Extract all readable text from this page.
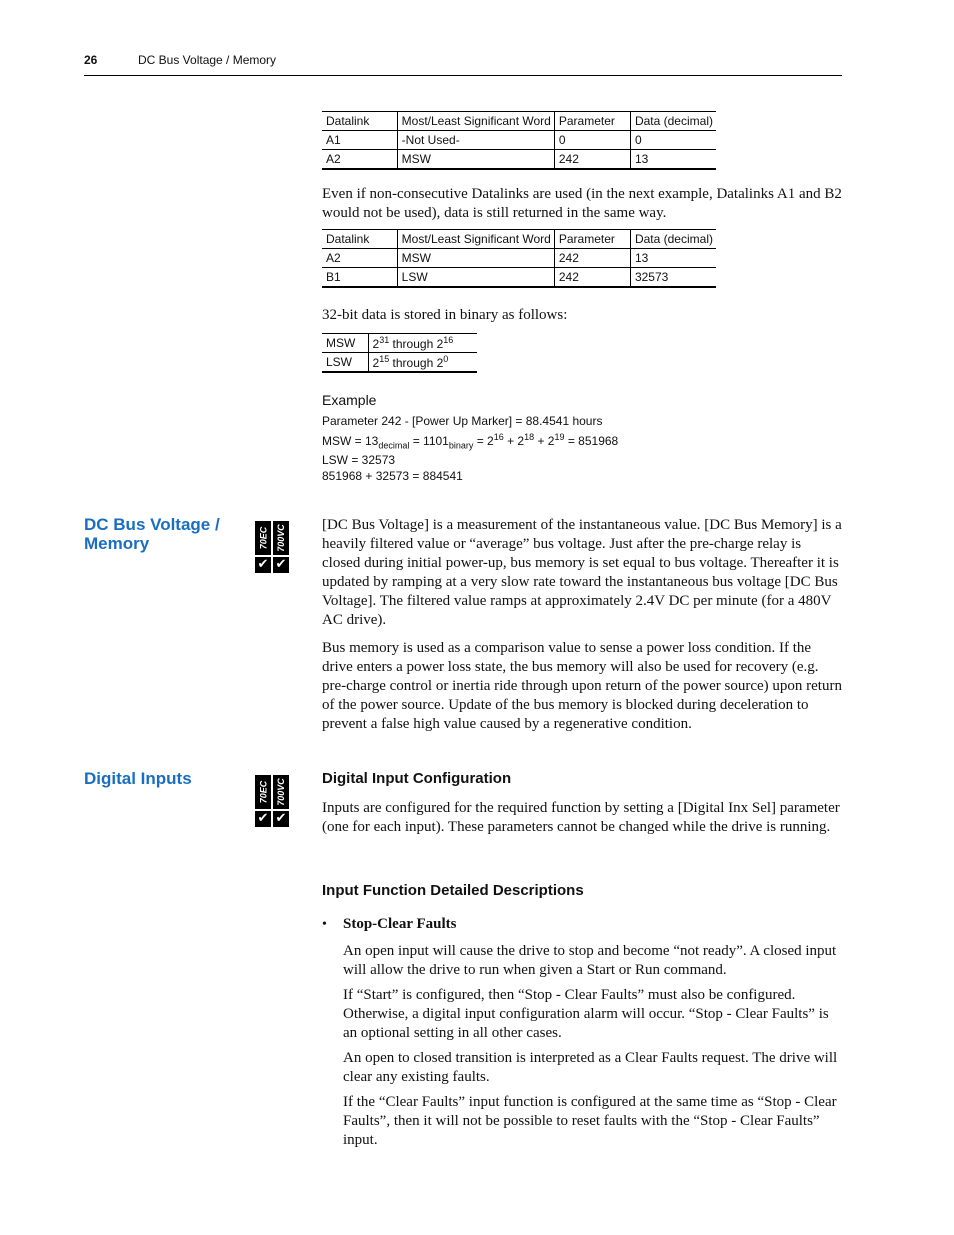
26	DC Bus Voltage / Memory
Datalink	Most/Least Significant Word	Parameter	Data (decimal)
A1	-Not Used-	0	0
A2	MSW	242	13

Even if non-consecutive Datalinks are used (in the next example, Datalinks A1 and B2 would not be used), data is still returned in the same way.

Datalink	Most/Least Significant Word	Parameter	Data (decimal)
A2	MSW	242	13
B1	LSW	242	32573

32-bit data is stored in binary as follows:

MSW	$2^{31}$ through $2^{16}$
LSW	$2^{15}$ through $2^0$
Example
Parameter 242 - [Power Up Marker] = 88.4541 hours
MSW = $13_{decimal} = 1101_{binary} = 2^{16} + 2^{18} + 2^{19} = 851968$
LSW = 32573
851968 + 32573 = 884541
DC Bus Voltage / Memory	70EC
✔
700VC
✔

[DC Bus Voltage] is a measurement of the instantaneous value. [DC Bus Memory] is a heavily filtered value or “average” bus voltage. Just after the pre-charge relay is closed during initial power-up, bus memory is set equal to bus voltage. Thereafter it is updated by ramping at a very slow rate toward the instantaneous bus voltage [DC Bus Voltage]. The filtered value ramps at approximately 2.4V DC per minute (for a 480V AC drive).

Bus memory is used as a comparison value to sense a power loss condition. If the drive enters a power loss state, the bus memory will also be used for recovery (e.g. pre-charge control or inertia ride through upon return of the power source) upon return of the power source. Update of the bus memory is blocked during deceleration to prevent a false high value caused by a regenerative condition.

Digital Inputs
70EC
✔
700VC
✔
Digital Input Configuration

Inputs are configured for the required function by setting a [Digital Inx Sel] parameter (one for each input). These parameters cannot be changed while the drive is running.

Input Function Detailed Descriptions
• Stop-Clear Faults

An open input will cause the drive to stop and become “not ready”. A closed input will allow the drive to run when given a Start or Run command.

If “Start” is configured, then “Stop - Clear Faults” must also be configured. Otherwise, a digital input configuration alarm will occur. “Stop - Clear Faults” is an optional setting in all other cases.

An open to closed transition is interpreted as a Clear Faults request. The drive will clear any existing faults.

If the “Clear Faults” input function is configured at the same time as “Stop - Clear Faults”, then it will not be possible to reset faults with the “Stop - Clear Faults” input.
